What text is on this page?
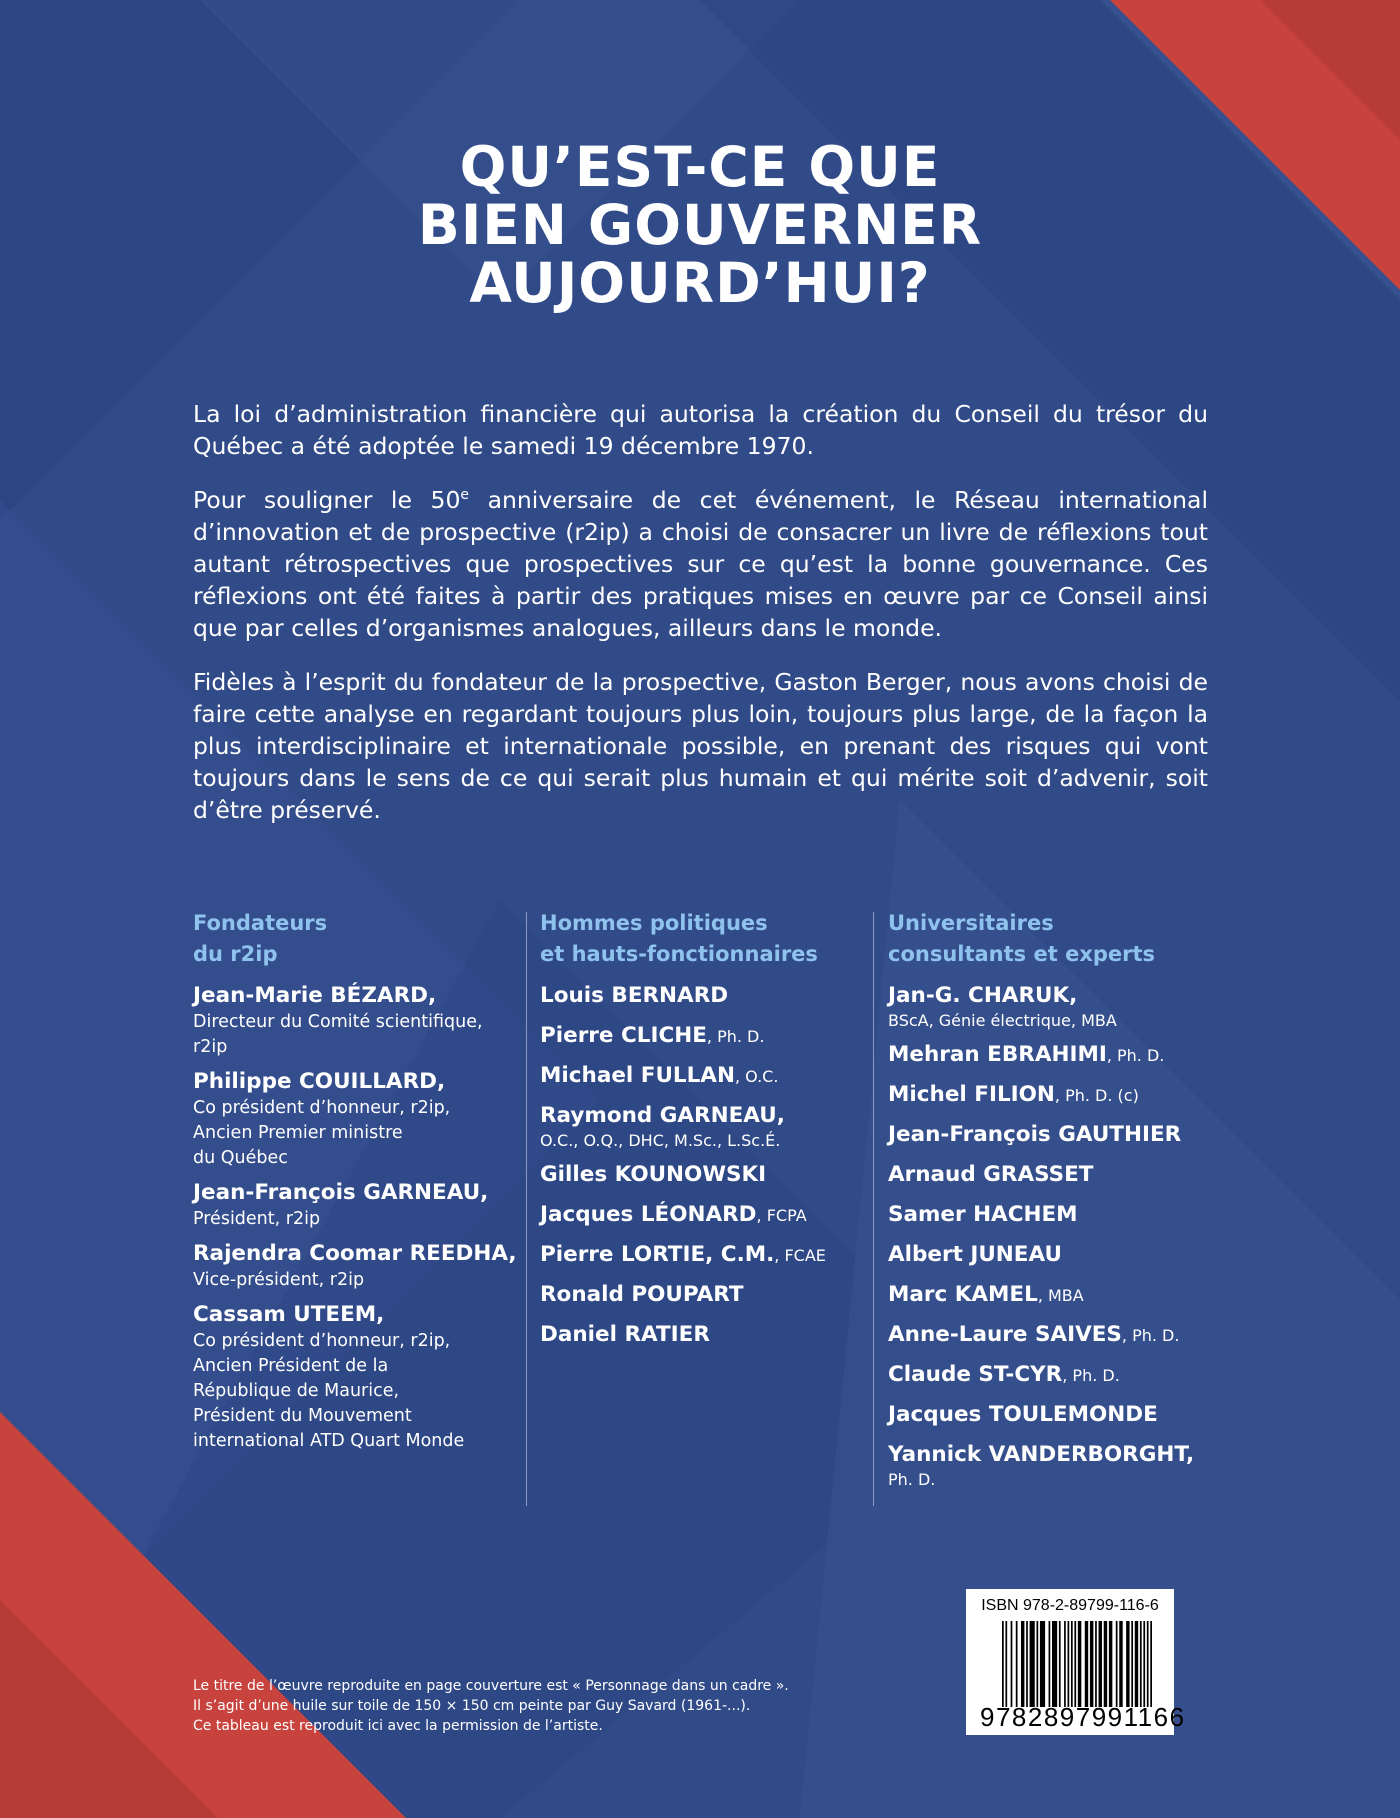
QU’EST-CE QUE
BIEN GOUVERNER
AUJOURD’HUI?

La loi d’administration financière qui autorisa la création du Conseil du trésor du Québec a été adoptée le samedi 19 décembre 1970.

Pour souligner le 50e anniversaire de cet événement, le Réseau international d’innovation et de prospective (r2ip) a choisi de consacrer un livre de réflexions tout autant rétrospectives que prospectives sur ce qu’est la bonne gouvernance. Ces réflexions ont été faites à partir des pratiques mises en œuvre par ce Conseil ainsi que par celles d’organismes analogues, ailleurs dans le monde.

Fidèles à l’esprit du fondateur de la prospective, Gaston Berger, nous avons choisi de faire cette analyse en regardant toujours plus loin, toujours plus large, de la façon la plus interdisciplinaire et internationale possible, en prenant des risques qui vont toujours dans le sens de ce qui serait plus humain et qui mérite soit d’advenir, soit d’être préservé.

Fondateurs
du r2ip
Jean-Marie BÉZARD,
Directeur du Comité scientifique,
r2ip
Philippe COUILLARD,
Co président d’honneur, r2ip,
Ancien Premier ministre
du Québec
Jean-François GARNEAU,
Président, r2ip
Rajendra Coomar REEDHA,
Vice-président, r2ip
Cassam UTEEM,
Co président d’honneur, r2ip,
Ancien Président de la
République de Maurice,
Président du Mouvement
international ATD Quart Monde
Hommes politiques
et hauts-fonctionnaires
Louis BERNARD
Pierre CLICHE, Ph. D.
Michael FULLAN, O.C.
Raymond GARNEAU,
O.C., O.Q., DHC, M.Sc., L.Sc.É.
Gilles KOUNOWSKI
Jacques LÉONARD, FCPA
Pierre LORTIE, C.M., FCAE
Ronald POUPART
Daniel RATIER
Universitaires
consultants et experts
Jan-G. CHARUK,
BScA, Génie électrique, MBA
Mehran EBRAHIMI, Ph. D.
Michel FILION, Ph. D. (c)
Jean-François GAUTHIER
Arnaud GRASSET
Samer HACHEM
Albert JUNEAU
Marc KAMEL, MBA
Anne-Laure SAIVES, Ph. D.
Claude ST-CYR, Ph. D.
Jacques TOULEMONDE
Yannick VANDERBORGHT,
Ph. D.
Le titre de l’œuvre reproduite en page couverture est « Personnage dans un cadre ».
Il s’agit d’une huile sur toile de 150 × 150 cm peinte par Guy Savard (1961-...).
Ce tableau est reproduit ici avec la permission de l’artiste.
ISBN 978-2-89799-116-6
9782897991166
